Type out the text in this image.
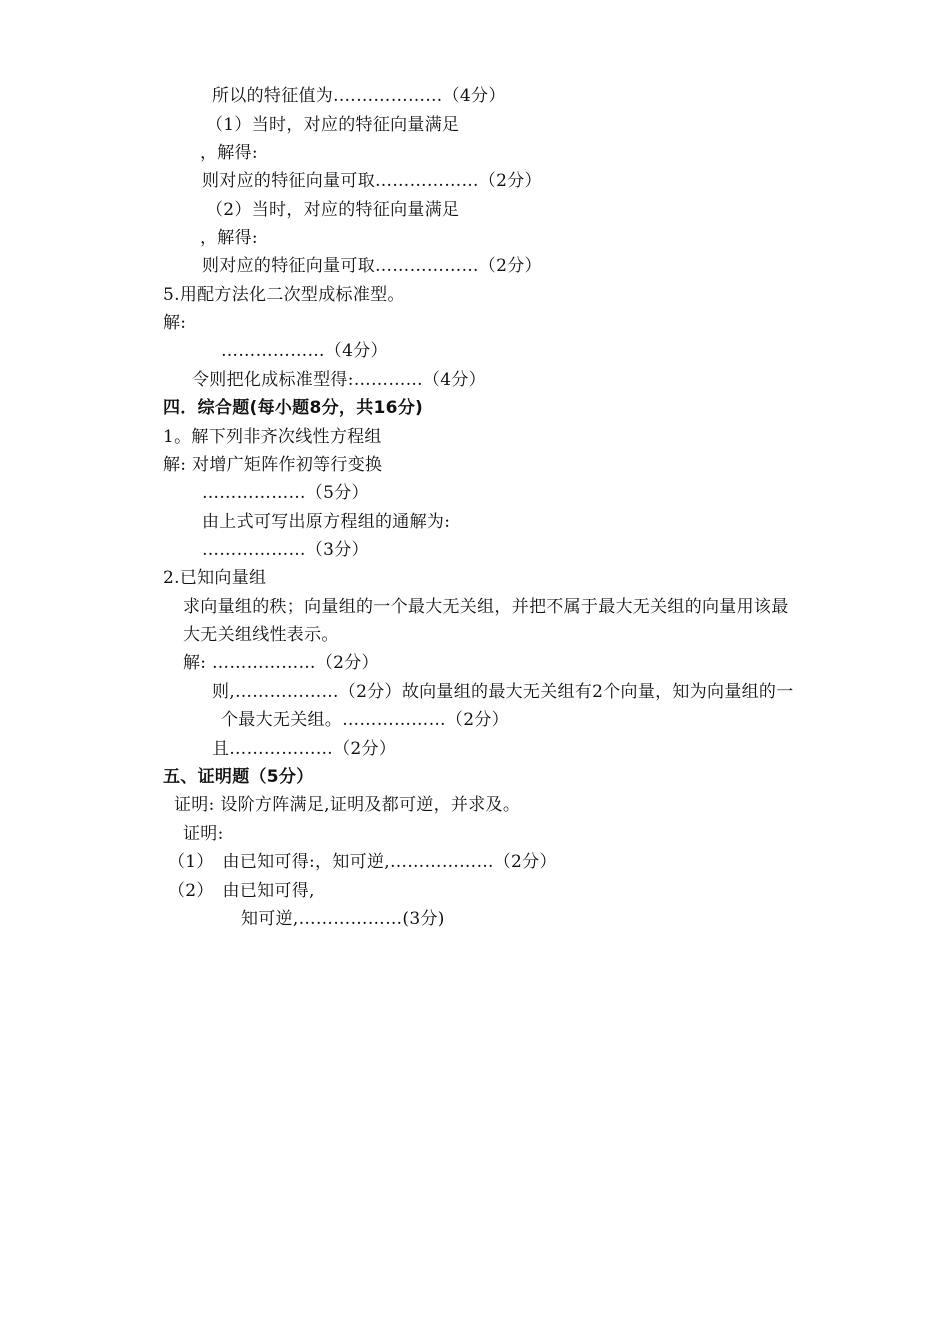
所以的特征值为.………………（4分）
（1）当时，对应的特征向量满足
，解得:
则对应的特征向量可取………………（2分）
（2）当时，对应的特征向量满足
，解得:
则对应的特征向量可取………………（2分）
5.用配方法化二次型成标准型。
解:
………………（4分）
令则把化成标准型得:…………（4分）
四．综合题(每小题8分，共16分)
1。解下列非齐次线性方程组
解: 对增广矩阵作初等行变换
………………（5分）
由上式可写出原方程组的通解为:
………………（3分）
2.已知向量组
求向量组的秩；向量组的一个最大无关组，并把不属于最大无关组的向量用该最
大无关组线性表示。
解: ………………（2分）
则,………………（2分）故向量组的最大无关组有2个向量，知为向量组的一
个最大无关组。………………（2分）
且………………（2分）
五、证明题（5分）
证明: 设阶方阵满足,证明及都可逆，并求及。
证明:
（1）　由已知可得:，知可逆,………………（2分）
（2）　由已知可得,
知可逆,………………(3分)
